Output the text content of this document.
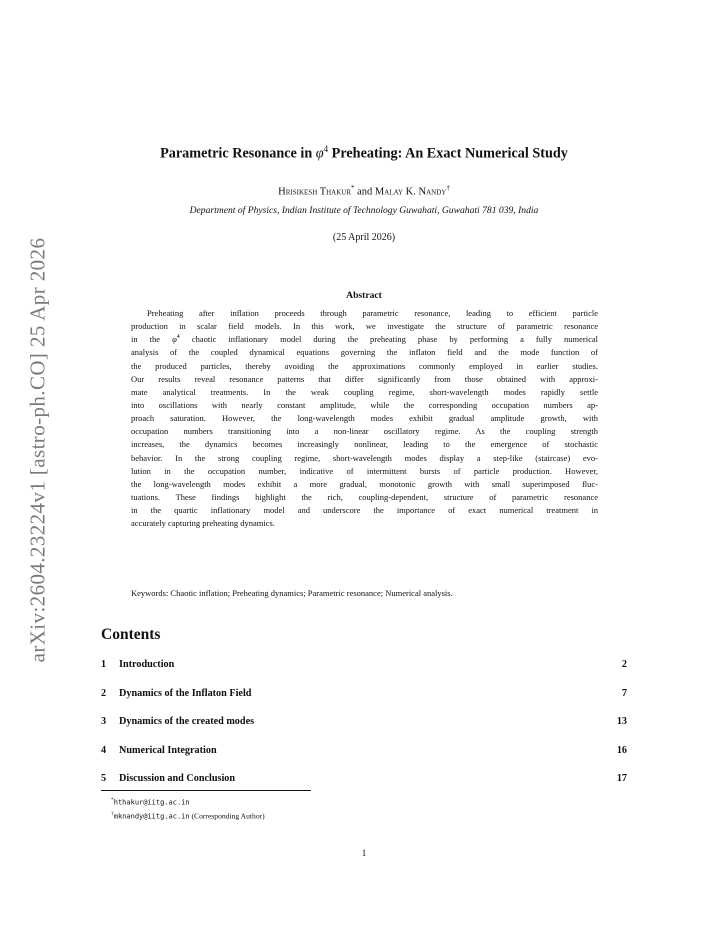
arXiv:2604.23224v1 [astro-ph.CO] 25 Apr 2026
Parametric Resonance in $\varphi^4$ Preheating: An Exact Numerical Study
Hrisikesh Thakur* and Malay K. Nandy†
Department of Physics, Indian Institute of Technology Guwahati, Guwahati 781 039, India
(25 April 2026)
Abstract
Preheating after inflation proceeds through parametric resonance, leading to efficient particle
production in scalar field models. In this work, we investigate the structure of parametric resonance
in the $\varphi^4$ chaotic inflationary model during the preheating phase by performing a fully numerical
analysis of the coupled dynamical equations governing the inflaton field and the mode function of
the produced particles, thereby avoiding the approximations commonly employed in earlier studies.
Our results reveal resonance patterns that differ significantly from those obtained with approxi-
mate analytical treatments. In the weak coupling regime, short-wavelength modes rapidly settle
into oscillations with nearly constant amplitude, while the corresponding occupation numbers ap-
proach saturation. However, the long-wavelength modes exhibit gradual amplitude growth, with
occupation numbers transitioning into a non-linear oscillatory regime. As the coupling strength
increases, the dynamics becomes increasingly nonlinear, leading to the emergence of stochastic
behavior. In the strong coupling regime, short-wavelength modes display a step-like (staircase) evo-
lution in the occupation number, indicative of intermittent bursts of particle production. However,
the long-wavelength modes exhibit a more gradual, monotonic growth with small superimposed fluc-
tuations. These findings highlight the rich, coupling-dependent, structure of parametric resonance
in the quartic inflationary model and underscore the importance of exact numerical treatment in
accurately capturing preheating dynamics.
Keywords: Chaotic inflation; Preheating dynamics; Parametric resonance; Numerical analysis.
Contents
1 Introduction	2
2 Dynamics of the Inflaton Field	7
3 Dynamics of the created modes	13
4 Numerical Integration	16
5 Discussion and Conclusion	17
*hthakur@iitg.ac.in
†mknandy@iitg.ac.in (Corresponding Author)
1
